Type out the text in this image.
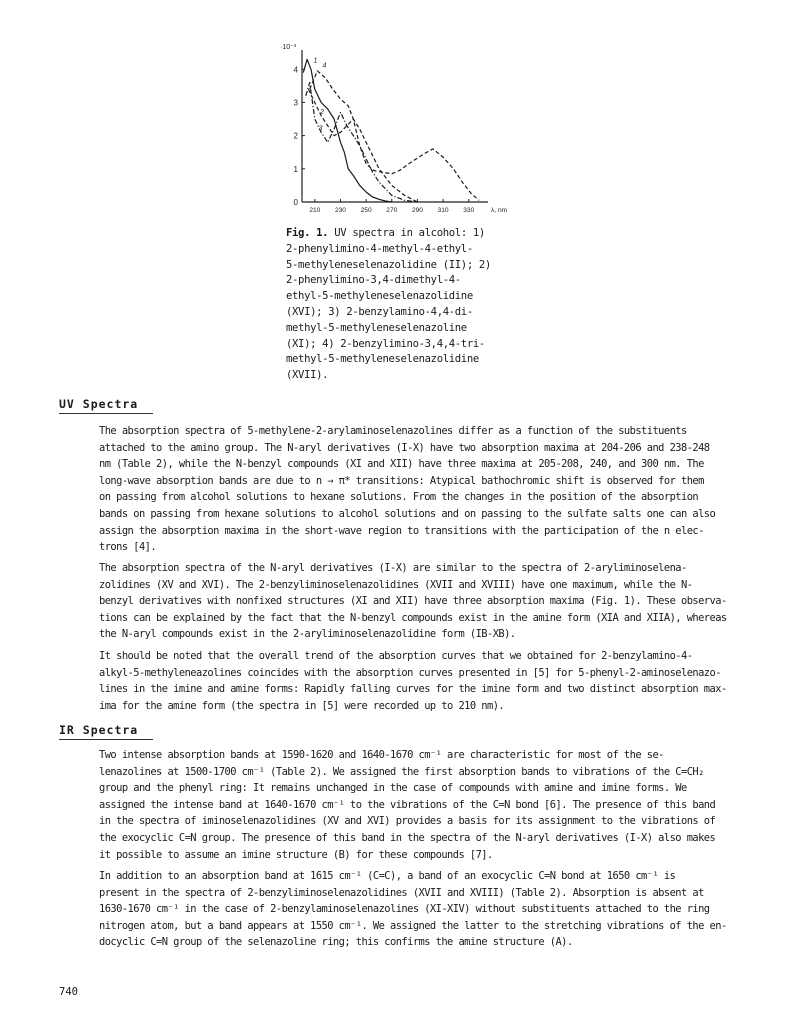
·10⁻³
0
1
2
3
4
210 230 250 270 290 310 330	λ, nm
1
2
3
4
Fig. 1. UV spectra in alcohol: 1)
2-phenylimino-4-methyl-4-ethyl-
5-methyleneselenazolidine (II); 2)
2-phenylimino-3,4-dimethyl-4-
ethyl-5-methyleneselenazolidine
(XVI); 3) 2-benzylamino-4,4-di-
methyl-5-methyleneselenazoline
(XI); 4) 2-benzylimino-3,4,4-tri-
methyl-5-methyleneselenazolidine
(XVII).
UV Spectra
The absorption spectra of 5-methylene-2-arylaminoselenazolines differ as a function of the substituents
attached to the amino group. The N-aryl derivatives (I-X) have two absorption maxima at 204-206 and 238-248
nm (Table 2), while the N-benzyl compounds (XI and XII) have three maxima at 205-208, 240, and 300 nm. The
long-wave absorption bands are due to n → π* transitions: Atypical bathochromic shift is observed for them
on passing from alcohol solutions to hexane solutions. From the changes in the position of the absorption
bands on passing from hexane solutions to alcohol solutions and on passing to the sulfate salts one can also
assign the absorption maxima in the short-wave region to transitions with the participation of the n elec-
trons [4].
The absorption spectra of the N-aryl derivatives (I-X) are similar to the spectra of 2-aryliminoselena-
zolidines (XV and XVI). The 2-benzyliminoselenazolidines (XVII and XVIII) have one maximum, while the N-
benzyl derivatives with nonfixed structures (XI and XII) have three absorption maxima (Fig. 1). These observa-
tions can be explained by the fact that the N-benzyl compounds exist in the amine form (XIA and XIIA), whereas
the N-aryl compounds exist in the 2-aryliminoselenazolidine form (IB-XB).
It should be noted that the overall trend of the absorption curves that we obtained for 2-benzylamino-4-
alkyl-5-methyleneazolines coincides with the absorption curves presented in [5] for 5-phenyl-2-aminoselenazo-
lines in the imine and amine forms: Rapidly falling curves for the imine form and two distinct absorption max-
ima for the amine form (the spectra in [5] were recorded up to 210 nm).
IR Spectra
Two intense absorption bands at 1590-1620 and 1640-1670 cm⁻¹ are characteristic for most of the se-
lenazolines at 1500-1700 cm⁻¹ (Table 2). We assigned the first absorption bands to vibrations of the C=CH₂
group and the phenyl ring: It remains unchanged in the case of compounds with amine and imine forms. We
assigned the intense band at 1640-1670 cm⁻¹ to the vibrations of the C=N bond [6]. The presence of this band
in the spectra of iminoselenazolidines (XV and XVI) provides a basis for its assignment to the vibrations of
the exocyclic C=N group. The presence of this band in the spectra of the N-aryl derivatives (I-X) also makes
it possible to assume an imine structure (B) for these compounds [7].
In addition to an absorption band at 1615 cm⁻¹ (C=C), a band of an exocyclic C=N bond at 1650 cm⁻¹ is
present in the spectra of 2-benzyliminoselenazolidines (XVII and XVIII) (Table 2). Absorption is absent at
1630-1670 cm⁻¹ in the case of 2-benzylaminoselenazolines (XI-XIV) without substituents attached to the ring
nitrogen atom, but a band appears at 1550 cm⁻¹. We assigned the latter to the stretching vibrations of the en-
docyclic C=N group of the selenazoline ring; this confirms the amine structure (A).
740
